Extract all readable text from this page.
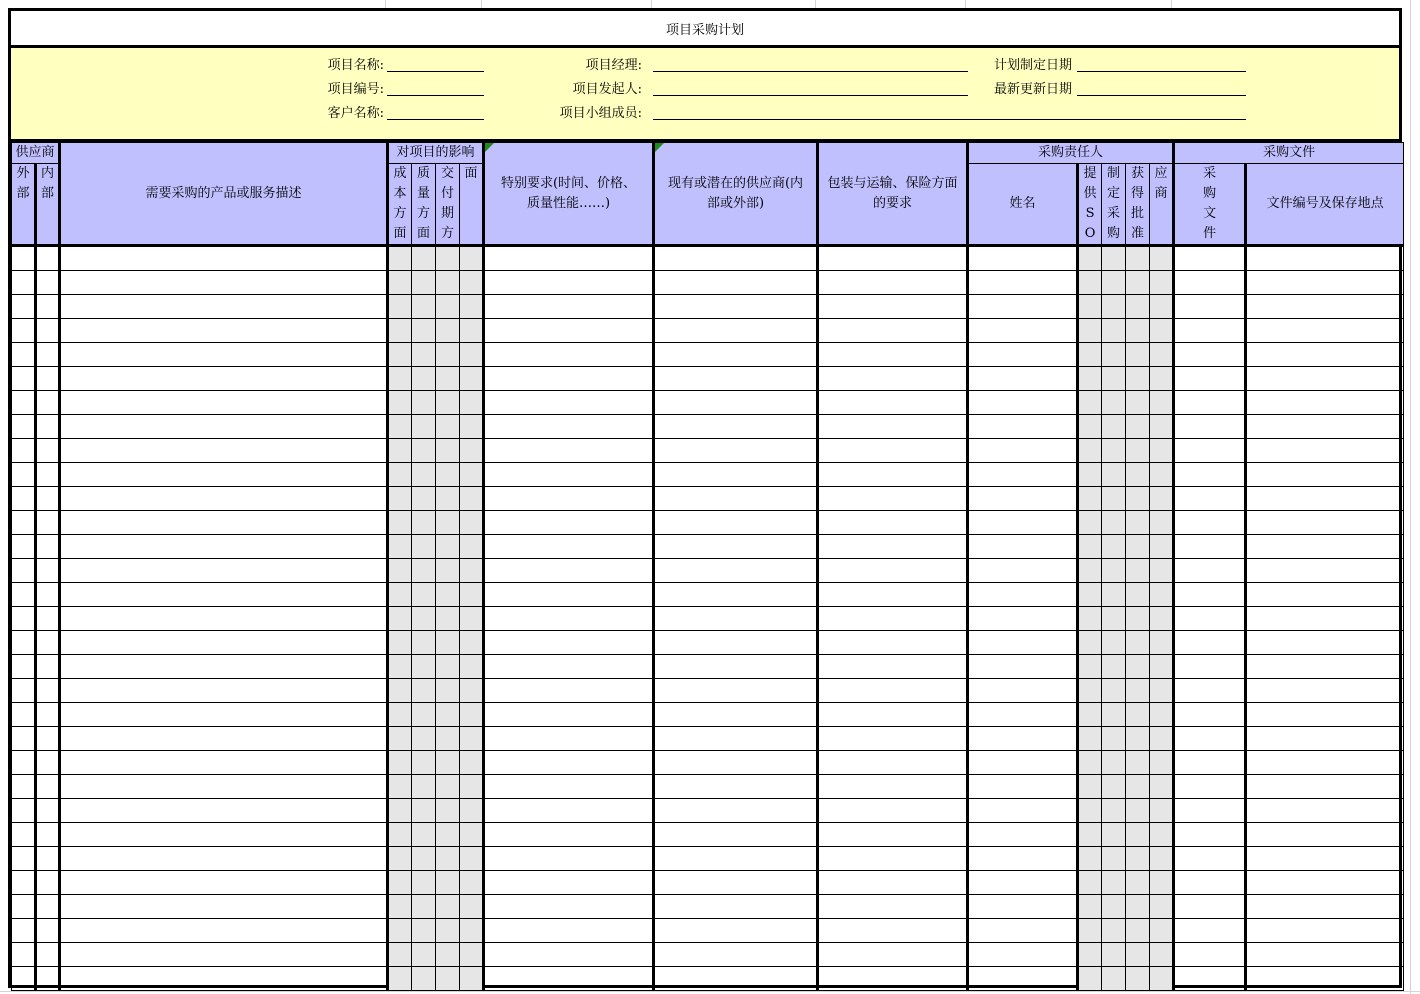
项目采购计划
项目名称:
项目编号:
客户名称:
项目经理:
项目发起人:
项目小组成员:
计划制定日期
最新更新日期
供应商		需要采购的产品或服务描述	对项目的影响				特别要求(时间、价格、质量性能……)	现有或潜在的供应商(内部或外部)	包装与运输、保险方面的要求	采购责任人					采购文件	

外部	内部		成本方面	质量方面	交付期方	面				姓名	提供SO	制定采购	获得批准	应商	采购文件	文件编号及保存地点
